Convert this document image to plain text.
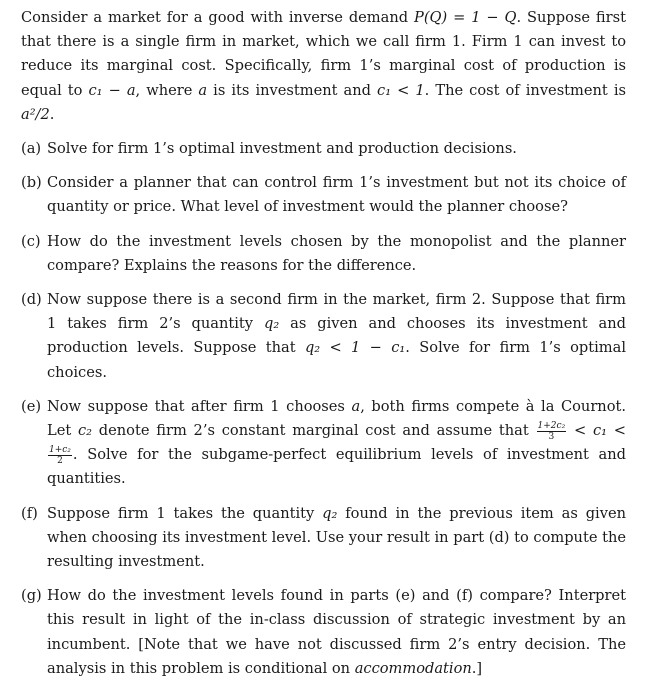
Consider a market for a good with inverse demand P(Q) = 1 − Q. Suppose first that there is a single firm in market, which we call firm 1. Firm 1 can invest to reduce its marginal cost. Specifically, firm 1’s marginal cost of production is equal to c₁ − a, where a is its investment and c₁ < 1. The cost of investment is a²/2.

(a) Solve for firm 1’s optimal investment and production decisions.
(b) Consider a planner that can control firm 1’s investment but not its choice of quantity or price. What level of investment would the planner choose?
(c) How do the investment levels chosen by the monopolist and the planner compare? Explains the reasons for the difference.
(d) Now suppose there is a second firm in the market, firm 2. Suppose that firm 1 takes firm 2’s quantity q₂ as given and chooses its investment and production levels. Suppose that q₂ < 1 − c₁. Solve for firm 1’s optimal choices.
(e) Now suppose that after firm 1 chooses a, both firms compete à la Cournot. Let c₂ denote firm 2’s constant marginal cost and assume that $\frac{\text{1+2c₂}}{3} < c_1$ <
$\frac{\text{1+c₂}}{2}$ . Solve for the subgame-perfect equilibrium levels of investment and quantities.
(f) Suppose firm 1 takes the quantity q₂ found in the previous item as given when choosing its investment level. Use your result in part (d) to compute the resulting investment.
(g) How do the investment levels found in parts (e) and (f) compare? Interpret this result in light of the in-class discussion of strategic investment by an incumbent. [Note that we have not discussed firm 2’s entry decision. The analysis in this problem is conditional on accommodation.]
